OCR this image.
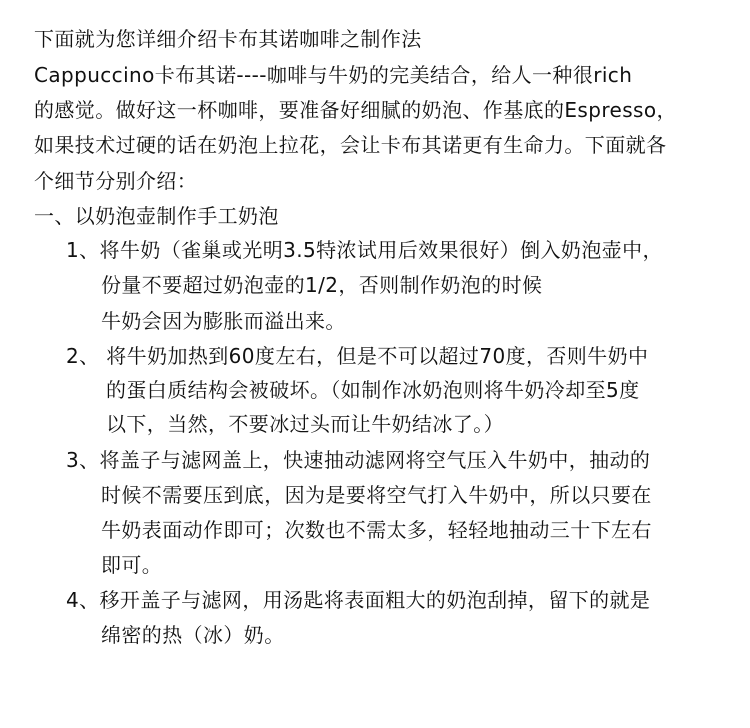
下面就为您详细介绍卡布其诺咖啡之制作法
Cappuccino卡布其诺----咖啡与牛奶的完美结合，给人一种很rich
的感觉。做好这一杯咖啡，要准备好细腻的奶泡、作基底的Espresso，
如果技术过硬的话在奶泡上拉花，会让卡布其诺更有生命力。下面就各
个细节分别介绍：
一、以奶泡壶制作手工奶泡
1、将牛奶（雀巢或光明3.5特浓试用后效果很好）倒入奶泡壶中，
份量不要超过奶泡壶的1/2，否则制作奶泡的时候
牛奶会因为膨胀而溢出来。
2、 将牛奶加热到60度左右，但是不可以超过70度，否则牛奶中
的蛋白质结构会被破坏。（如制作冰奶泡则将牛奶冷却至5度
以下，当然，不要冰过头而让牛奶结冰了。）
3、将盖子与滤网盖上，快速抽动滤网将空气压入牛奶中，抽动的
时候不需要压到底，因为是要将空气打入牛奶中，所以只要在
牛奶表面动作即可；次数也不需太多，轻轻地抽动三十下左右
即可。
4、移开盖子与滤网，用汤匙将表面粗大的奶泡刮掉，留下的就是
绵密的热（冰）奶。
